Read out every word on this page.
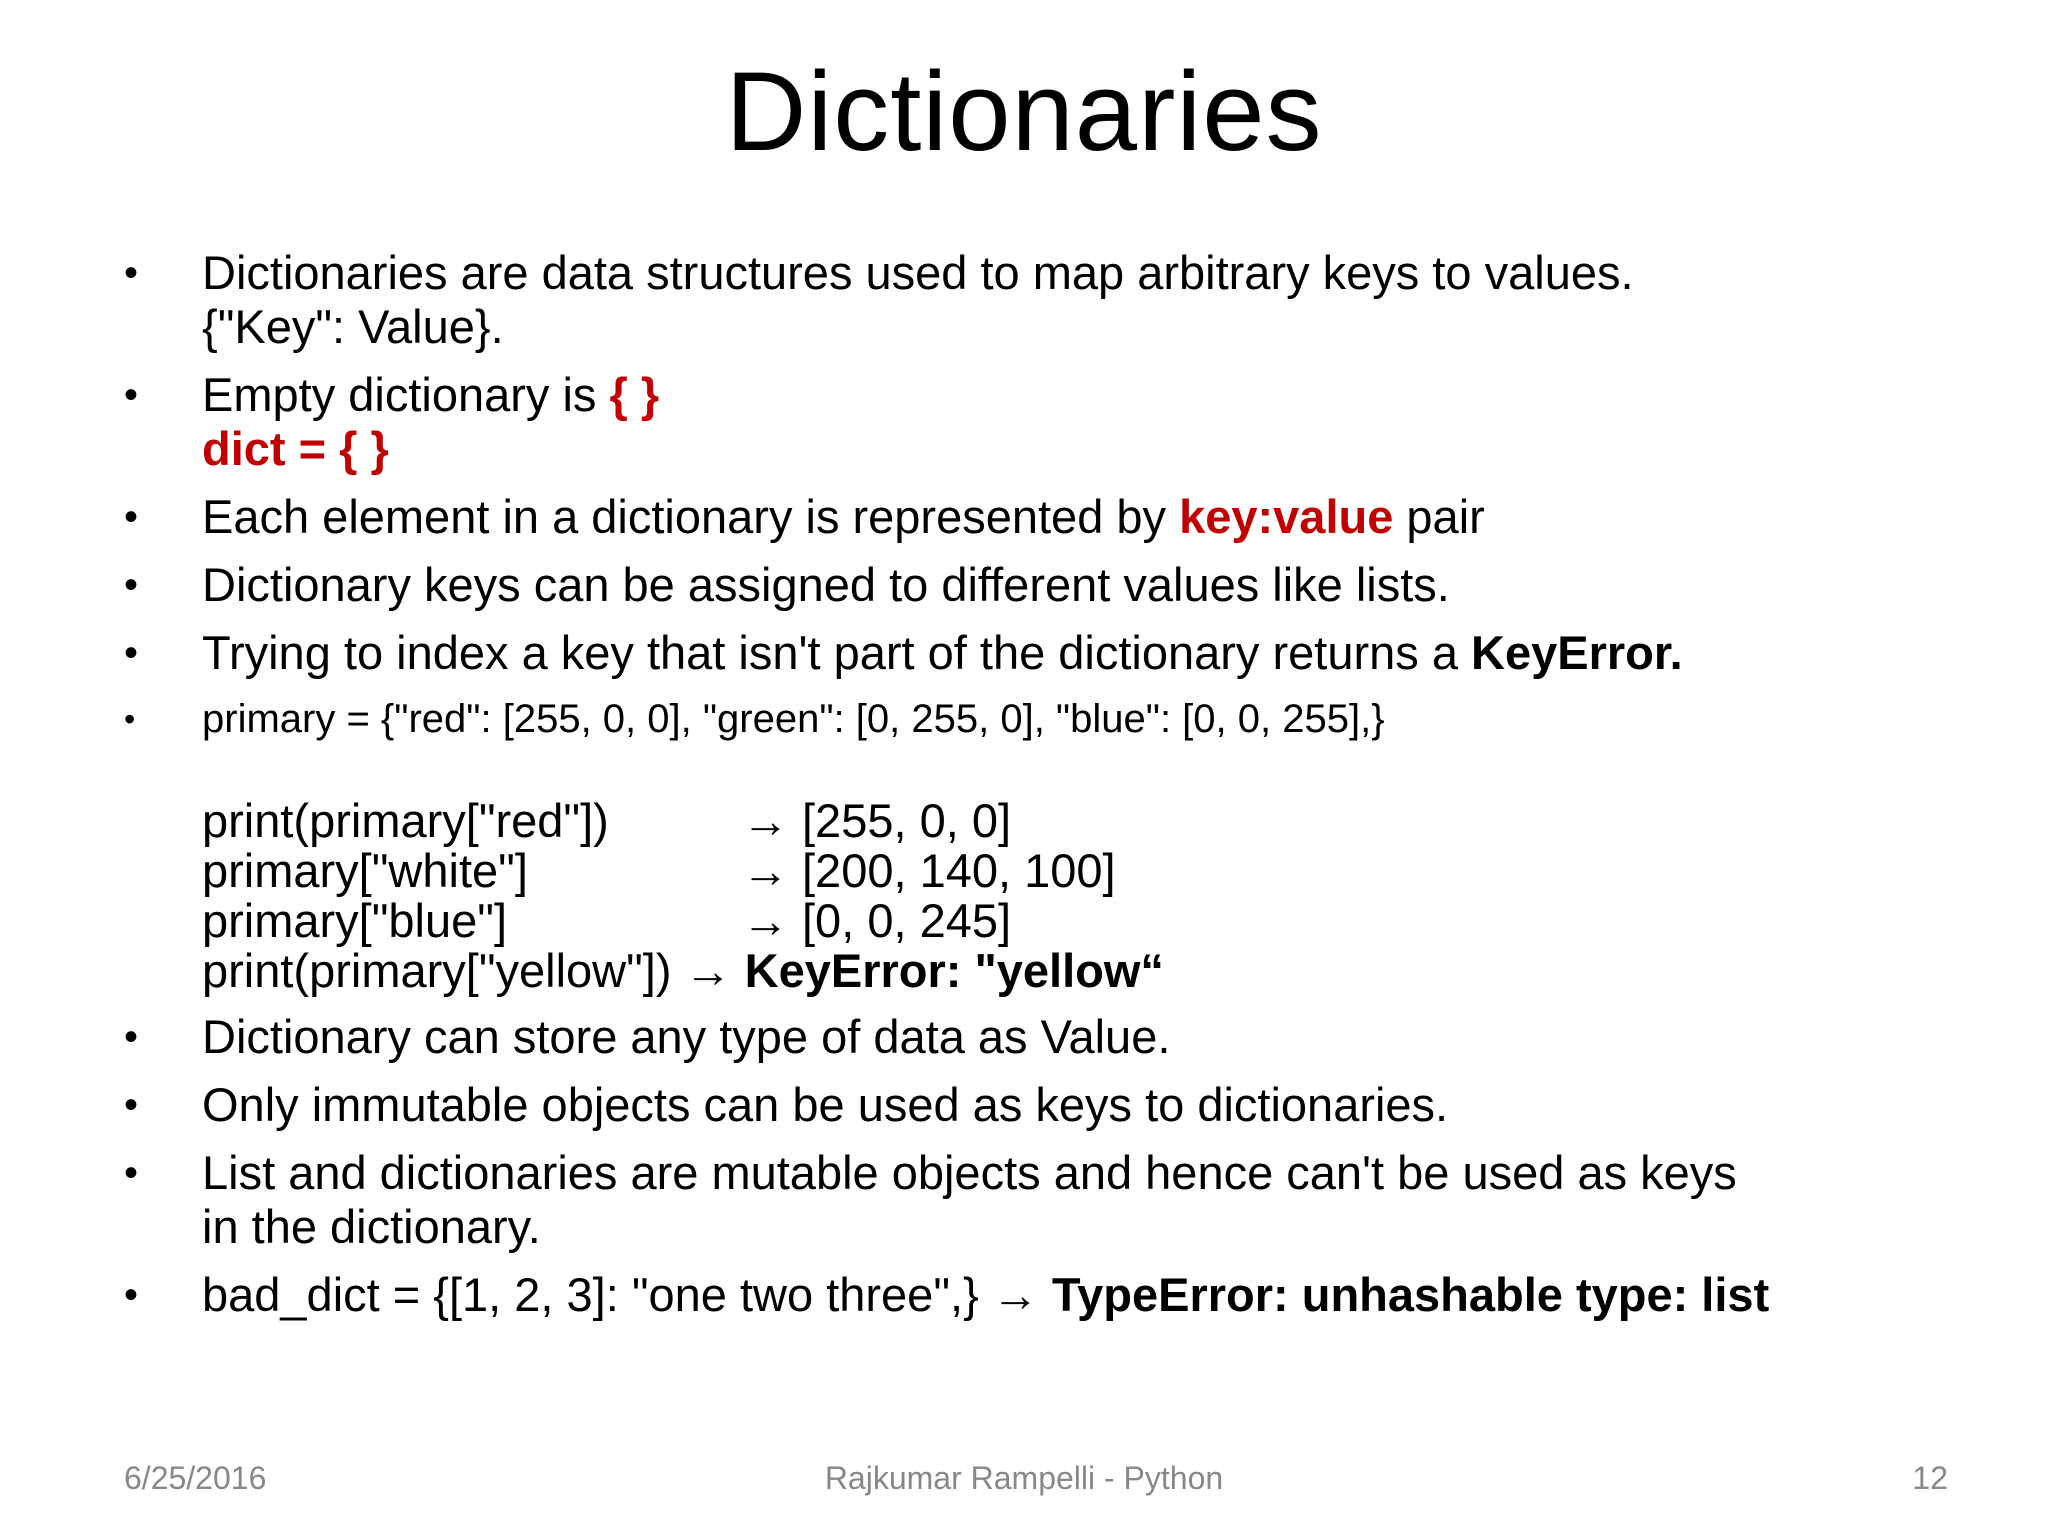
Dictionaries
• Dictionaries are data structures used to map arbitrary keys to values.
{"Key": Value}.
• Empty dictionary is { }
dict = { }
• Each element in a dictionary is represented by key:value pair
• Dictionary keys can be assigned to different values like lists.
• Trying to index a key that isn't part of the dictionary returns a KeyError.
• primary = {"red": [255, 0, 0], "green": [0, 255, 0], "blue": [0, 0, 255],}
print(primary["red"])	→ [255, 0, 0]
primary["white"]	→ [200, 140, 100]
primary["blue"]	→ [0, 0, 245]
print(primary["yellow"]) → KeyError: "yellow“
• Dictionary can store any type of data as Value.
• Only immutable objects can be used as keys to dictionaries.
• List and dictionaries are mutable objects and hence can't be used as keys
in the dictionary.
• bad_dict = {[1, 2, 3]: "one two three",} → TypeError: unhashable type: list
6/25/2016	Rajkumar Rampelli - Python	12
